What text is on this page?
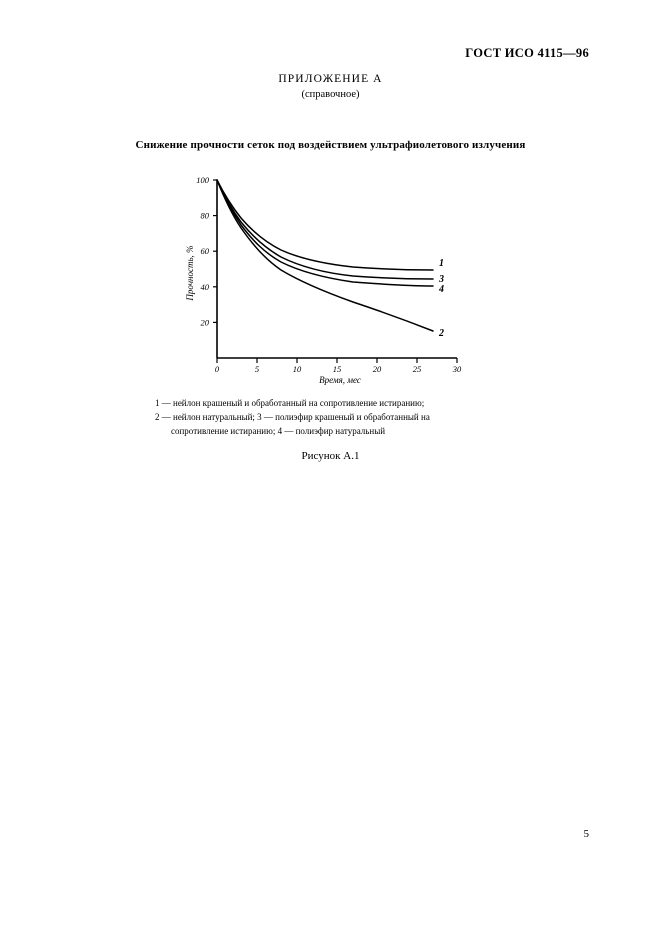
ГОСТ ИСО 4115—96
ПРИЛОЖЕНИЕ А
(справочное)
Снижение прочности сеток под воздействием ультрафиолетового излучения
100
80
60
40
20
0	5	10	15	20	25	30
Прочность, %
Время, мес
1
3
4
2
1 — нейлон крашеный и обработанный на сопротивление истиранию;
2 — нейлон натуральный; 3 — полиэфир крашеный и обработанный на
сопротивление истиранию; 4 — полиэфир натуральный
Рисунок А.1
5
